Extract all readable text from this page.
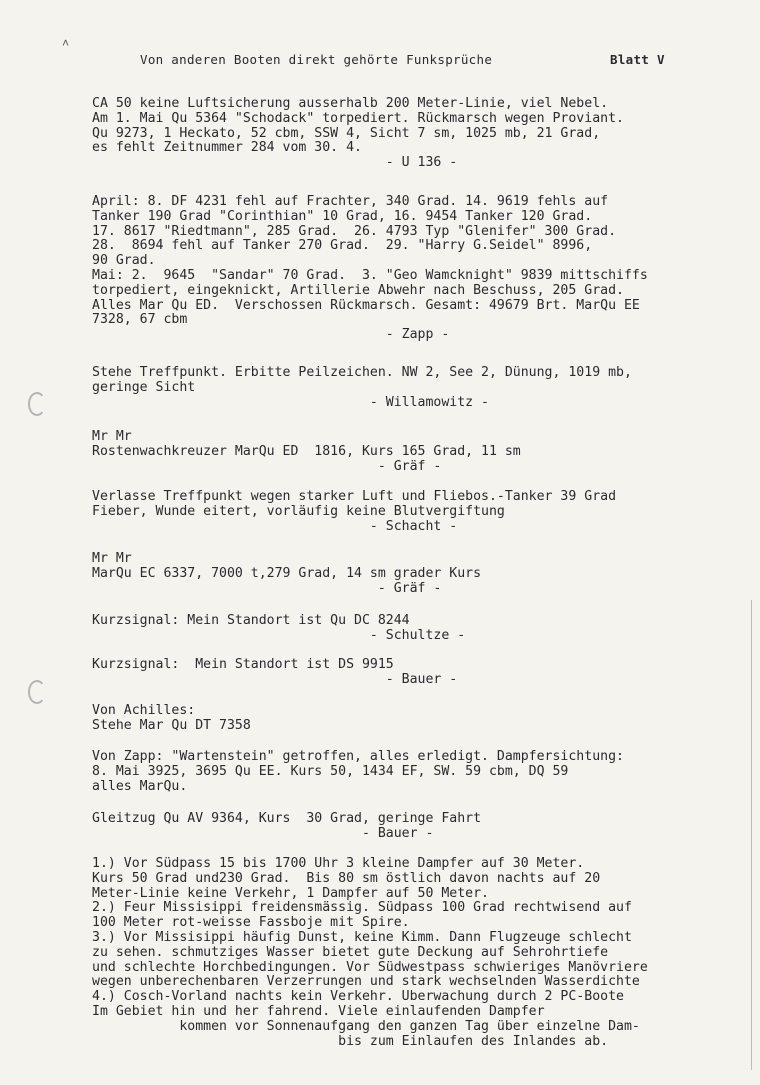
˄
Von anderen Booten direkt gehörte Funksprüche	Blatt V
CA 50 keine Luftsicherung ausserhalb 200 Meter-Linie, viel Nebel.
Am 1. Mai Qu 5364 "Schodack" torpediert. Rückmarsch wegen Proviant.
Qu 9273, 1 Heckato, 52 cbm, SSW 4, Sicht 7 sm, 1025 mb, 21 Grad,
es fehlt Zeitnummer 284 vom 30. 4.
- U 136 -
April: 8. DF 4231 fehl auf Frachter, 340 Grad. 14. 9619 fehls auf
Tanker 190 Grad "Corinthian" 10 Grad, 16. 9454 Tanker 120 Grad.
17. 8617 "Riedtmann", 285 Grad.  26. 4793 Typ "Glenifer" 300 Grad.
28.  8694 fehl auf Tanker 270 Grad.  29. "Harry G.Seidel" 8996,
90 Grad.
Mai: 2.  9645  "Sandar" 70 Grad.  3. "Geo Wamcknight" 9839 mittschiffs
torpediert, eingeknickt, Artillerie Abwehr nach Beschuss, 205 Grad.
Alles Mar Qu ED.  Verschossen Rückmarsch. Gesamt: 49679 Brt. MarQu EE
7328, 67 cbm
- Zapp -
Stehe Treffpunkt. Erbitte Peilzeichen. NW 2, See 2, Dünung, 1019 mb,
geringe Sicht
- Willamowitz -
Mr Mr
Rostenwachkreuzer MarQu ED  1816, Kurs 165 Grad, 11 sm
- Gräf -
Verlasse Treffpunkt wegen starker Luft und Fliebos.-Tanker 39 Grad
Fieber, Wunde eitert, vorläufig keine Blutvergiftung
- Schacht -
Mr Mr
MarQu EC 6337, 7000 t,279 Grad, 14 sm grader Kurs
- Gräf -
Kurzsignal: Mein Standort ist Qu DC 8244
- Schultze -
Kurzsignal:  Mein Standort ist DS 9915
- Bauer -
Von Achilles:
Stehe Mar Qu DT 7358
Von Zapp: "Wartenstein" getroffen, alles erledigt. Dampfersichtung:
8. Mai 3925, 3695 Qu EE. Kurs 50, 1434 EF, SW. 59 cbm, DQ 59
alles MarQu.
Gleitzug Qu AV 9364, Kurs  30 Grad, geringe Fahrt
- Bauer -
1.) Vor Südpass 15 bis 1700 Uhr 3 kleine Dampfer auf 30 Meter.
Kurs 50 Grad und230 Grad.  Bis 80 sm östlich davon nachts auf 20
Meter-Linie keine Verkehr, 1 Dampfer auf 50 Meter.
2.) Feur Missisippi freidensmässig. Südpass 100 Grad rechtwisend auf
100 Meter rot-weisse Fassboje mit Spire.
3.) Vor Missisippi häufig Dunst, keine Kimm. Dann Flugzeuge schlecht
zu sehen. schmutziges Wasser bietet gute Deckung auf Sehrohrtiefe
und schlechte Horchbedingungen. Vor Südwestpass schwieriges Manövriere
wegen unberechenbaren Verzerrungen und stark wechselnden Wasserdichte
4.) Cosch-Vorland nachts kein Verkehr. Überwachung durch 2 PC-Boote
Im Gebiet hin und her fahrend. Viele einlaufenden Dampfer
kommen vor Sonnenaufgang den ganzen Tag über einzelne Dam-
bis zum Einlaufen des Inlandes ab.
